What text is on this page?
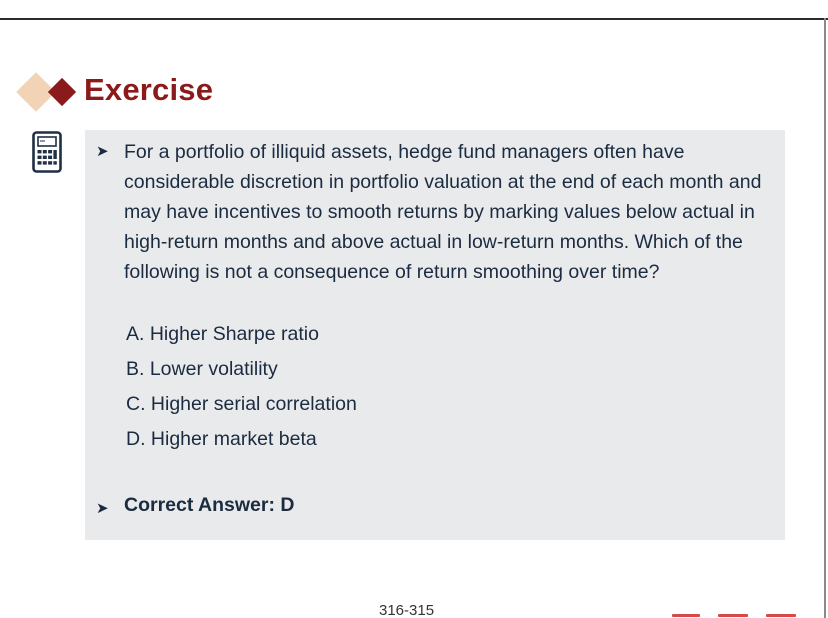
Exercise
➤ For a portfolio of illiquid assets, hedge fund managers often have considerable discretion in portfolio valuation at the end of each month and may have incentives to smooth returns by marking values below actual in high-return months and above actual in low-return months. Which of the following is not a consequence of return smoothing over time?
A. Higher Sharpe ratio
B. Lower volatility
C. Higher serial correlation
D. Higher market beta
➤ Correct Answer: D
316-315
